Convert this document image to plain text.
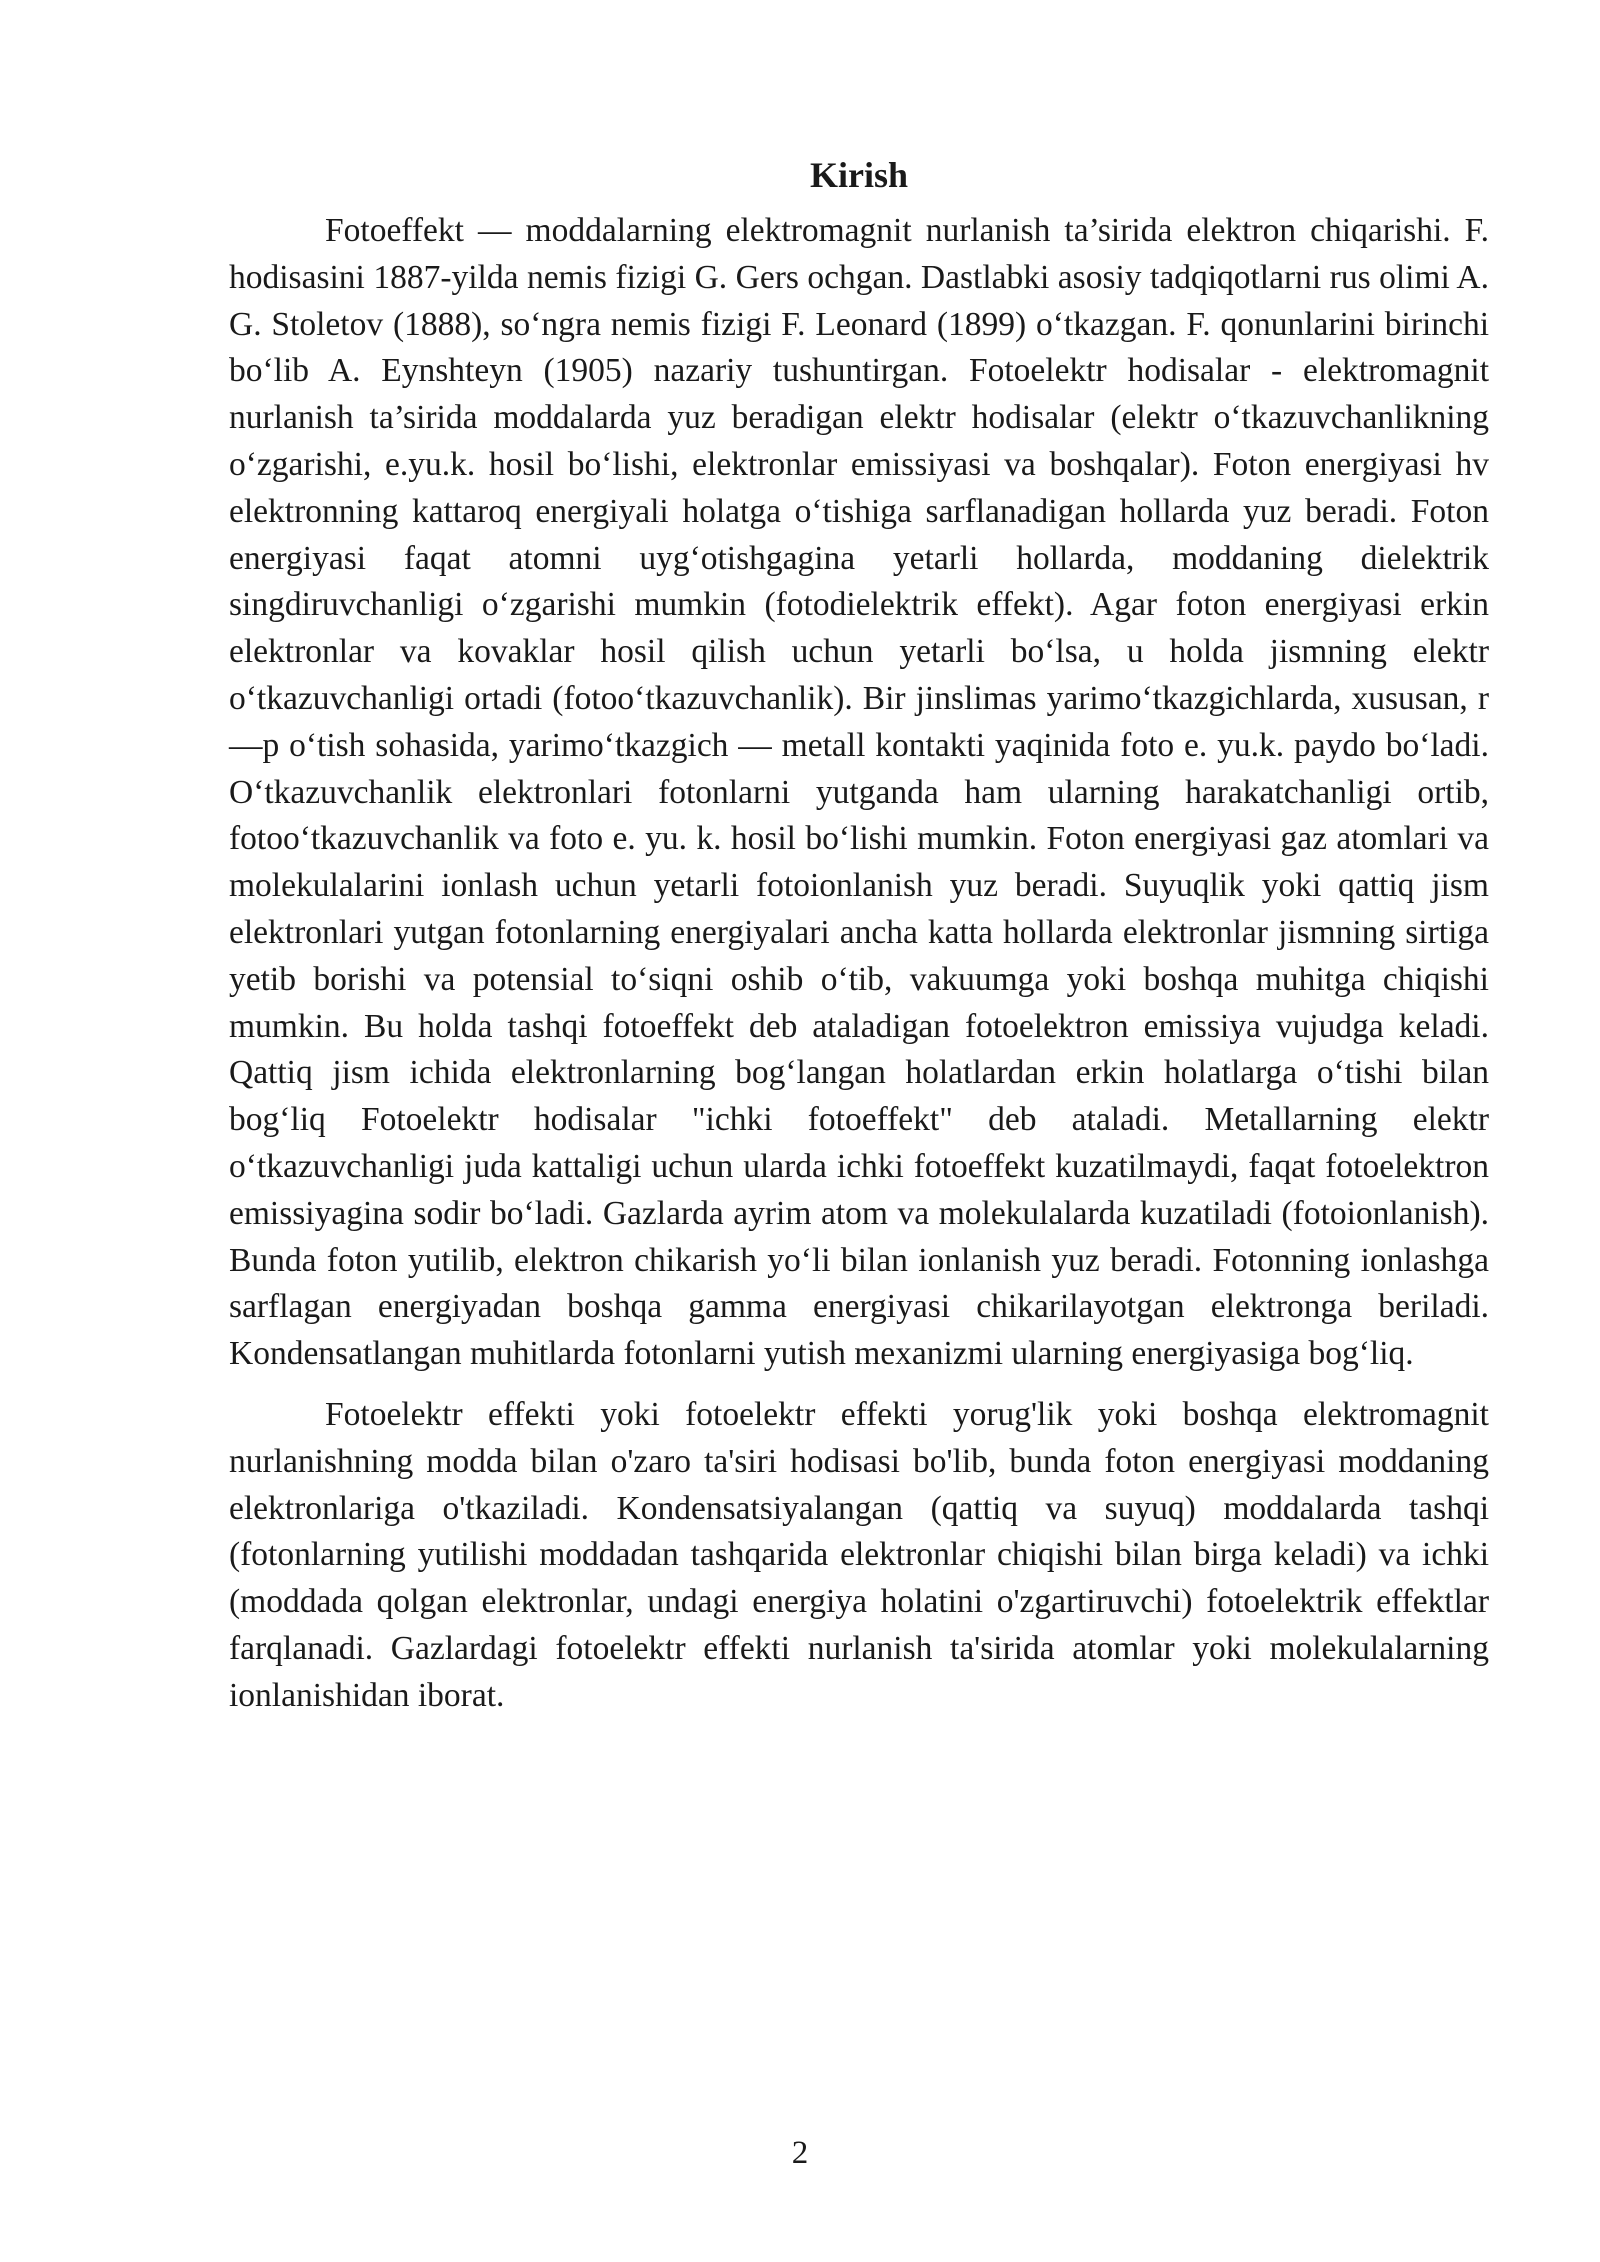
Kirish

Fotoeffekt — moddalarning elektromagnit nurlanish ta’sirida elektron chiqarishi. F. hodisasini 1887-yilda nemis fizigi G. Gers ochgan. Dastlabki asosiy tadqiqotlarni rus olimi A. G. Stoletov (1888), so‘ngra nemis fizigi F. Leonard (1899) o‘tkazgan. F. qonunlarini birinchi bo‘lib A. Eynshteyn (1905) nazariy tushuntirgan. Fotoelektr hodisalar - elektromagnit nurlanish ta’sirida moddalarda yuz beradigan elektr hodisalar (elektr o‘tkazuvchanlikning o‘zgarishi, e.yu.k. hosil bo‘lishi, elektronlar emissiyasi va boshqalar). Foton energiyasi hv elektronning kattaroq energiyali holatga o‘tishiga sarflanadigan hollarda yuz beradi. Foton energiyasi faqat atomni uyg‘otishgagina yetarli hollarda, moddaning dielektrik singdiruvchanligi o‘zgarishi mumkin (fotodielektrik effekt). Agar foton energiyasi erkin elektronlar va kovaklar hosil qilish uchun yetarli bo‘lsa, u holda jismning elektr o‘tkazuvchanligi ortadi (fotoo‘tkazuvchanlik). Bir jinslimas yarimo‘tkazgichlarda, xususan, r—p o‘tish sohasida, yarimo‘tkazgich — metall kontakti yaqinida foto e. yu.k. paydo bo‘ladi. O‘tkazuvchanlik elektronlari fotonlarni yutganda ham ularning harakatchanligi ortib, fotoo‘tkazuvchanlik va foto e. yu. k. hosil bo‘lishi mumkin. Foton energiyasi gaz atomlari va molekulalarini ionlash uchun yetarli fotoionlanish yuz beradi. Suyuqlik yoki qattiq jism elektronlari yutgan fotonlarning energiyalari ancha katta hollarda elektronlar jismning sirtiga yetib borishi va potensial to‘siqni oshib o‘tib, vakuumga yoki boshqa muhitga chiqishi mumkin. Bu holda tashqi fotoeffekt deb ataladigan fotoelektron emissiya vujudga keladi. Qattiq jism ichida elektronlarning bog‘langan holatlardan erkin holatlarga o‘tishi bilan bog‘liq Fotoelektr hodisalar "ichki fotoeffekt" deb ataladi. Metallarning elektr o‘tkazuvchanligi juda kattaligi uchun ularda ichki fotoeffekt kuzatilmaydi, faqat fotoelektron emissiyagina sodir bo‘ladi. Gazlarda ayrim atom va molekulalarda kuzatiladi (fotoionlanish). Bunda foton yutilib, elektron chikarish yo‘li bilan ionlanish yuz beradi. Fotonning ionlashga sarflagan energiyadan boshqa gamma energiyasi chikarilayotgan elektronga beriladi. Kondensatlangan muhitlarda fotonlarni yutish mexanizmi ularning energiyasiga bog‘liq.

Fotoelektr effekti yoki fotoelektr effekti yorug'lik yoki boshqa elektromagnit nurlanishning modda bilan o'zaro ta'siri hodisasi bo'lib, bunda foton energiyasi moddaning elektronlariga o'tkaziladi. Kondensatsiyalangan (qattiq va suyuq) moddalarda tashqi (fotonlarning yutilishi moddadan tashqarida elektronlar chiqishi bilan birga keladi) va ichki (moddada qolgan elektronlar, undagi energiya holatini o'zgartiruvchi) fotoelektrik effektlar farqlanadi. Gazlardagi fotoelektr effekti nurlanish ta'sirida atomlar yoki molekulalarning ionlanishidan iborat.

2
